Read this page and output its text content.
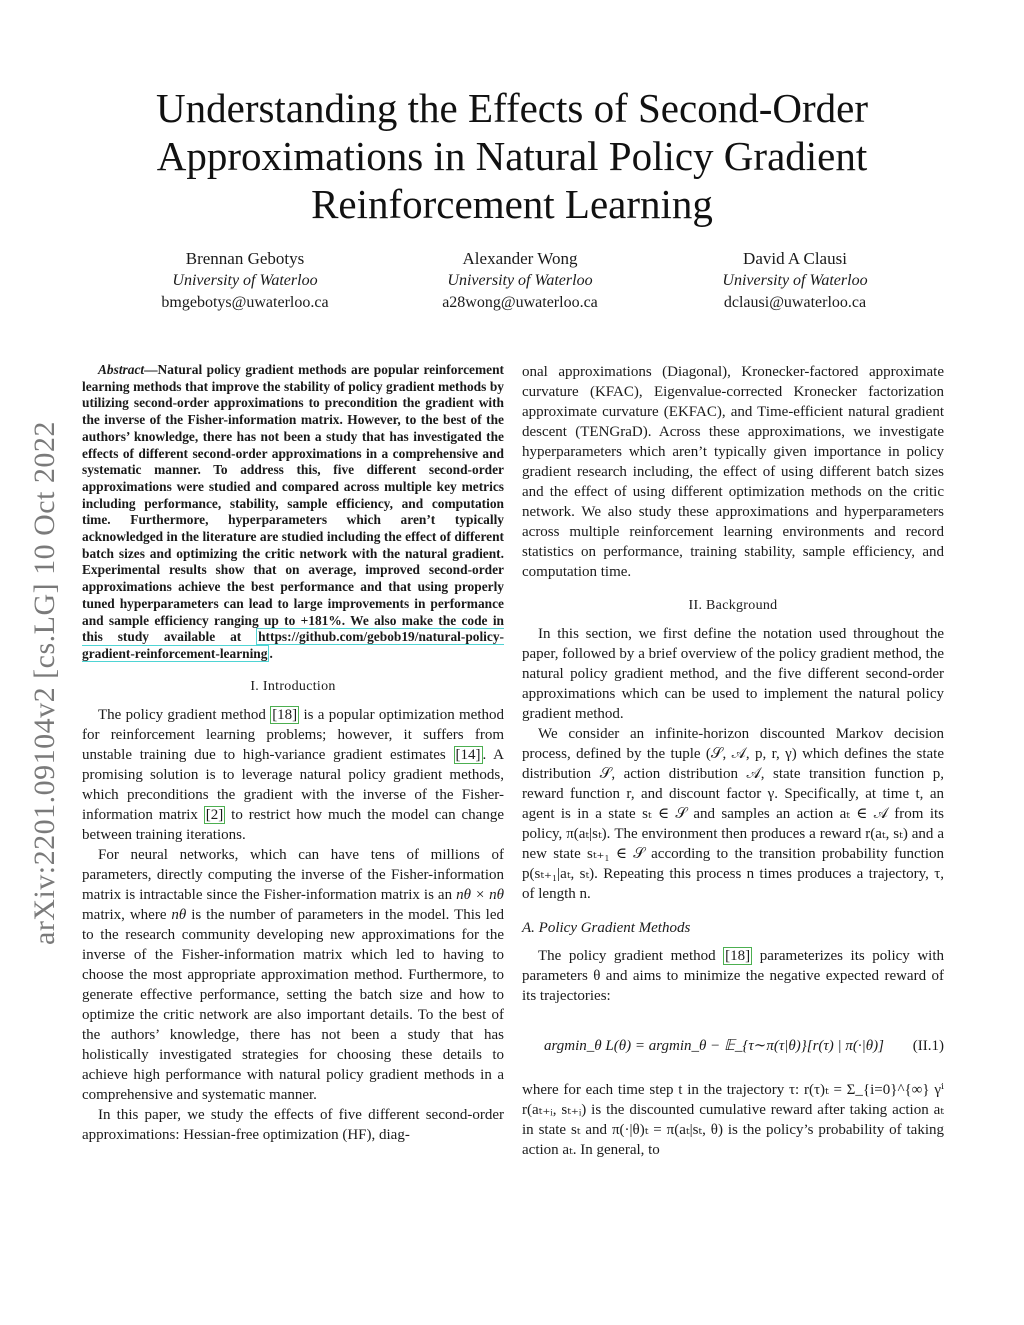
arXiv:2201.09104v2 [cs.LG] 10 Oct 2022
Understanding the Effects of Second-Order Approximations in Natural Policy Gradient Reinforcement Learning
Brennan Gebotys
University of Waterloo
bmgebotys@uwaterloo.ca
Alexander Wong
University of Waterloo
a28wong@uwaterloo.ca
David A Clausi
University of Waterloo
dclausi@uwaterloo.ca

Abstract—Natural policy gradient methods are popular reinforcement learning methods that improve the stability of policy gradient methods by utilizing second-order approximations to precondition the gradient with the inverse of the Fisher-information matrix. However, to the best of the authors’ knowledge, there has not been a study that has investigated the effects of different second-order approximations in a comprehensive and systematic manner. To address this, five different second-order approximations were studied and compared across multiple key metrics including performance, stability, sample efficiency, and computation time. Furthermore, hyperparameters which aren’t typically acknowledged in the literature are studied including the effect of different batch sizes and optimizing the critic network with the natural gradient. Experimental results show that on average, improved second-order approximations achieve the best performance and that using properly tuned hyperparameters can lead to large improvements in performance and sample efficiency ranging up to +181%. We also make the code in this study available at https://github.com/gebob19/natural-policy-gradient-reinforcement-learning .

I. Introduction

The policy gradient method [18] is a popular optimization method for reinforcement learning problems; however, it suffers from unstable training due to high-variance gradient estimates [14] . A promising solution is to leverage natural policy gradient methods, which preconditions the gradient with the inverse of the Fisher-information matrix [2] to restrict how much the model can change between training iterations.

For neural networks, which can have tens of millions of parameters, directly computing the inverse of the Fisher-information matrix is intractable since the Fisher-information matrix is an nθ × nθ matrix, where nθ is the number of parameters in the model. This led to the research community developing new approximations for the inverse of the Fisher-information matrix which led to having to choose the most appropriate approximation method. Furthermore, to generate effective performance, setting the batch size and how to optimize the critic network are also important details. To the best of the authors’ knowledge, there has not been a study that has holistically investigated strategies for choosing these details to achieve high performance with natural policy gradient methods in a comprehensive and systematic manner.

In this paper, we study the effects of five different second-order approximations: Hessian-free optimization (HF), diag-

onal approximations (Diagonal), Kronecker-factored approximate curvature (KFAC), Eigenvalue-corrected Kronecker factorization approximate curvature (EKFAC), and Time-efficient natural gradient descent (TENGraD). Across these approximations, we investigate hyperparameters which aren’t typically given importance in policy gradient research including, the effect of using different batch sizes and the effect of using different optimization methods on the critic network. We also study these approximations and hyperparameters across multiple reinforcement learning environments and record statistics on performance, training stability, sample efficiency, and computation time.

II. Background

In this section, we first define the notation used throughout the paper, followed by a brief overview of the policy gradient method, the natural policy gradient method, and the five different second-order approximations which can be used to implement the natural policy gradient method.

We consider an infinite-horizon discounted Markov decision process, defined by the tuple (𝒮, 𝒜, p, r, γ) which defines the state distribution 𝒮, action distribution 𝒜, state transition function p, reward function r, and discount factor γ. Specifically, at time t, an agent is in a state sₜ ∈ 𝒮 and samples an action aₜ ∈ 𝒜 from its policy, π(aₜ|sₜ). The environment then produces a reward r(aₜ, sₜ) and a new state sₜ₊₁ ∈ 𝒮 according to the transition probability function p(sₜ₊₁|aₜ, sₜ). Repeating this process n times produces a trajectory, τ, of length n.

A. Policy Gradient Methods

The policy gradient method [18] parameterizes its policy with parameters θ and aims to minimize the negative expected reward of its trajectories:

argmin_θ L(θ) = argmin_θ − 𝔼_{τ∼π(τ|θ)}[r(τ) | π(·|θ)] (II.1)

where for each time step t in the trajectory τ: r(τ)ₜ = Σ_{i=0}^{∞} γⁱ r(aₜ₊ᵢ, sₜ₊ᵢ) is the discounted cumulative reward after taking action aₜ in state sₜ and π(·|θ)ₜ = π(aₜ|sₜ, θ) is the policy’s probability of taking action aₜ. In general, to
